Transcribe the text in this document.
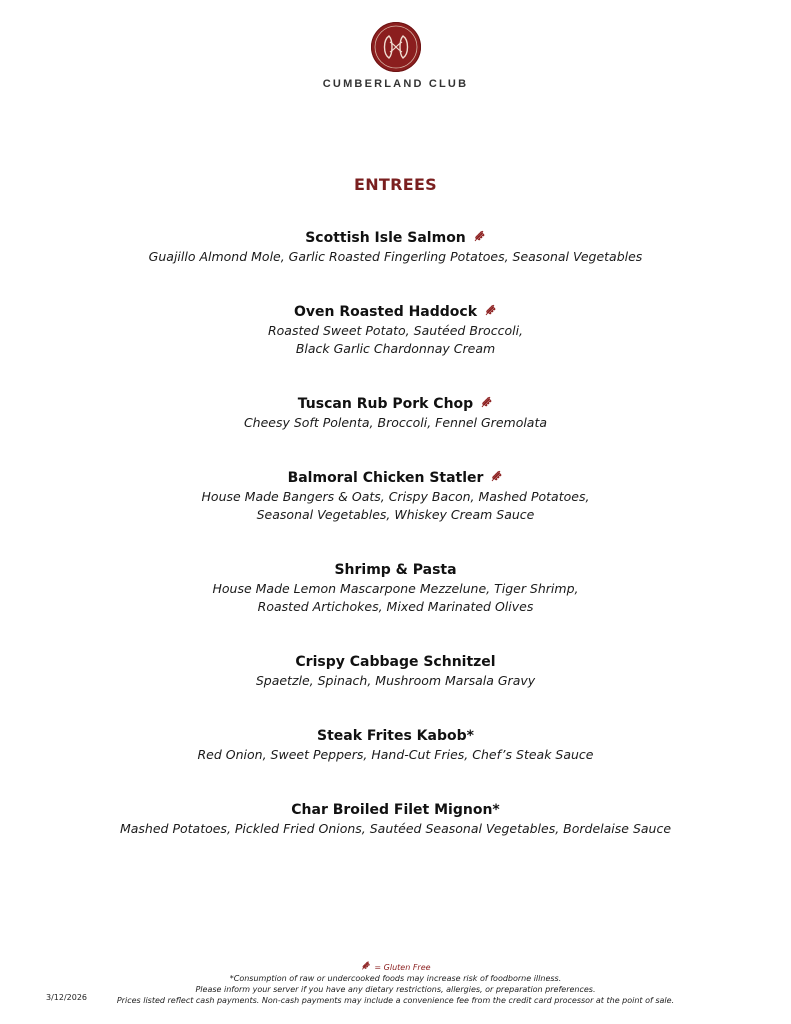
CUMBERLAND CLUB
ENTREES
Scottish Isle Salmon
Guajillo Almond Mole, Garlic Roasted Fingerling Potatoes, Seasonal Vegetables
Oven Roasted Haddock
Roasted Sweet Potato, Sautéed Broccoli,
Black Garlic Chardonnay Cream
Tuscan Rub Pork Chop
Cheesy Soft Polenta, Broccoli, Fennel Gremolata
Balmoral Chicken Statler
House Made Bangers & Oats, Crispy Bacon, Mashed Potatoes,
Seasonal Vegetables, Whiskey Cream Sauce
Shrimp & Pasta
House Made Lemon Mascarpone Mezzelune, Tiger Shrimp,
Roasted Artichokes, Mixed Marinated Olives
Crispy Cabbage Schnitzel
Spaetzle, Spinach, Mushroom Marsala Gravy
Steak Frites Kabob*
Red Onion, Sweet Peppers, Hand-Cut Fries, Chef’s Steak Sauce
Char Broiled Filet Mignon*
Mashed Potatoes, Pickled Fried Onions, Sautéed Seasonal Vegetables, Bordelaise Sauce
= Gluten Free
*Consumption of raw or undercooked foods may increase risk of foodborne illness.
Please inform your server if you have any dietary restrictions, allergies, or preparation preferences.
Prices listed reflect cash payments. Non-cash payments may include a convenience fee from the credit card processor at the point of sale.
3/12/2026
